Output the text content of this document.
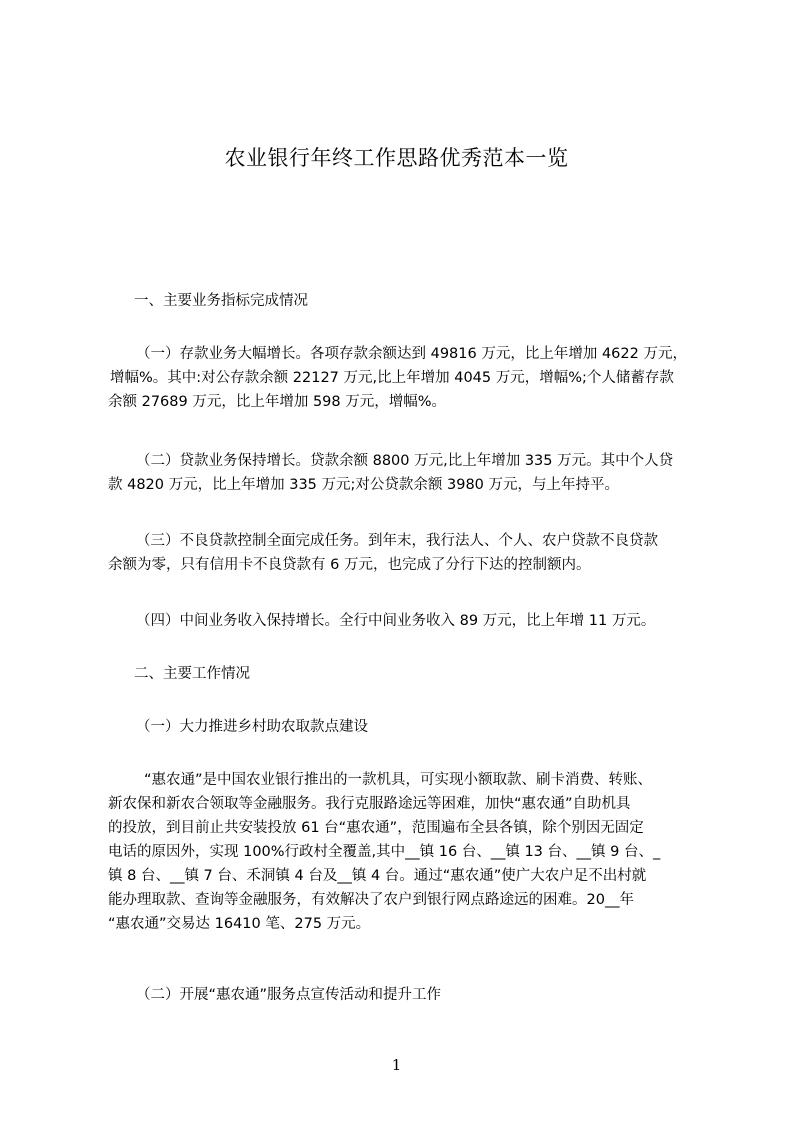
农业银行年终工作思路优秀范本一览
一、主要业务指标完成情况
（一）存款业务大幅增长。各项存款余额达到 49816 万元，比上年增加 4622 万元，
增幅%。其中:对公存款余额 22127 万元,比上年增加 4045 万元，增幅%;个人储蓄存款
余额 27689 万元，比上年增加 598 万元，增幅%。
（二）贷款业务保持增长。贷款余额 8800 万元,比上年增加 335 万元。其中个人贷
款 4820 万元，比上年增加 335 万元;对公贷款余额 3980 万元，与上年持平。
（三）不良贷款控制全面完成任务。到年末，我行法人、个人、农户贷款不良贷款
余额为零，只有信用卡不良贷款有 6 万元，也完成了分行下达的控制额内。
（四）中间业务收入保持增长。全行中间业务收入 89 万元，比上年增 11 万元。
二、主要工作情况
（一）大力推进乡村助农取款点建设
“惠农通”是中国农业银行推出的一款机具，可实现小额取款、刷卡消费、转账、
新农保和新农合领取等金融服务。我行克服路途远等困难，加快“惠农通”自助机具
的投放，到目前止共安装投放 61 台“惠农通”，范围遍布全县各镇，除个别因无固定
电话的原因外，实现 100%行政村全覆盖,其中__镇 16 台、__镇 13 台、__镇 9 台、_
镇 8 台、__镇 7 台、禾洞镇 4 台及__镇 4 台。通过“惠农通”使广大农户足不出村就
能办理取款、查询等金融服务，有效解决了农户到银行网点路途远的困难。20__年
“惠农通”交易达 16410 笔、275 万元。
（二）开展“惠农通”服务点宣传活动和提升工作
1
